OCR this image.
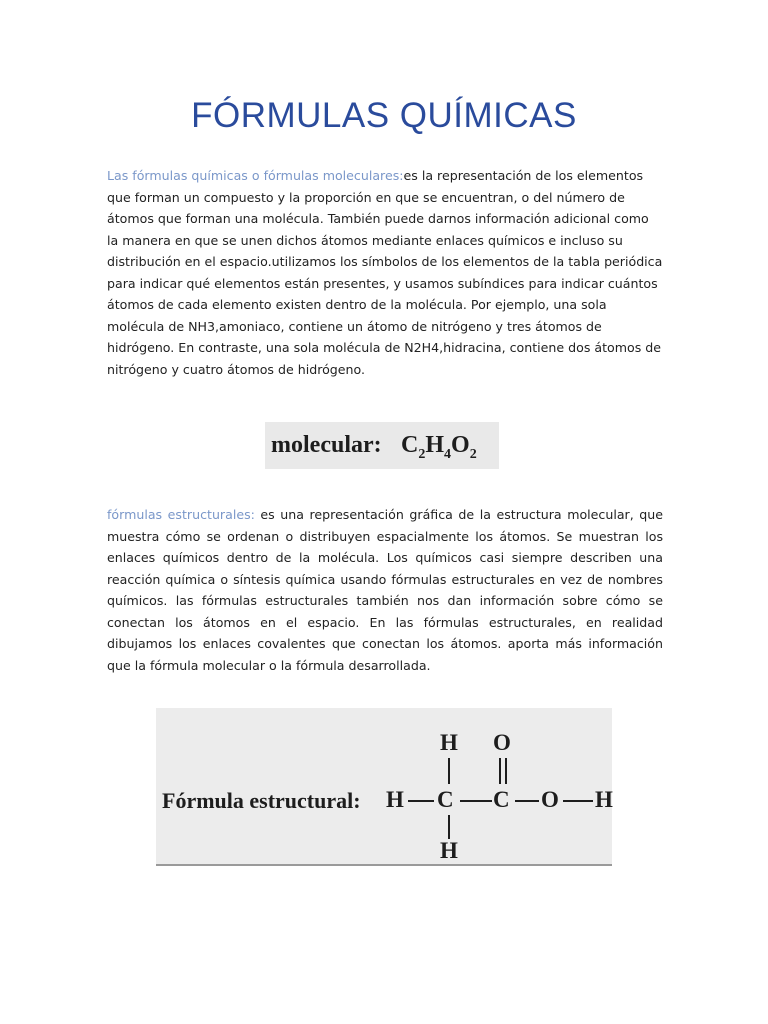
FÓRMULAS QUÍMICAS

Las fórmulas químicas o fórmulas moleculares:es la representación de los elementos que forman un compuesto y la proporción en que se encuentran, o del número de átomos que forman una molécula. También puede darnos información adicional como la manera en que se unen dichos átomos mediante enlaces químicos e incluso su distribución en el espacio.utilizamos los símbolos de los elementos de la tabla periódica para indicar qué elementos están presentes, y usamos subíndices para indicar cuántos átomos de cada elemento existen dentro de la molécula. Por ejemplo, una sola molécula de NH3,amoniaco, contiene un átomo de nitrógeno y tres átomos de hidrógeno. En contraste, una sola molécula de N2H4,hidracina, contiene dos átomos de nitrógeno y cuatro átomos de hidrógeno.

molecular: $C_2H_4O_2$

fórmulas estructurales: es una representación gráfica de la estructura molecular, que muestra cómo se ordenan o distribuyen espacialmente los átomos. Se muestran los enlaces químicos dentro de la molécula. Los químicos casi siempre describen una reacción química o síntesis química usando fórmulas estructurales en vez de nombres químicos. las fórmulas estructurales también nos dan información sobre cómo se conectan los átomos en el espacio. En las fórmulas estructurales, en realidad dibujamos los enlaces covalentes que conectan los átomos. aporta más información que la fórmula molecular o la fórmula desarrollada.

Fórmula estructural: H C C O H
H O
H
